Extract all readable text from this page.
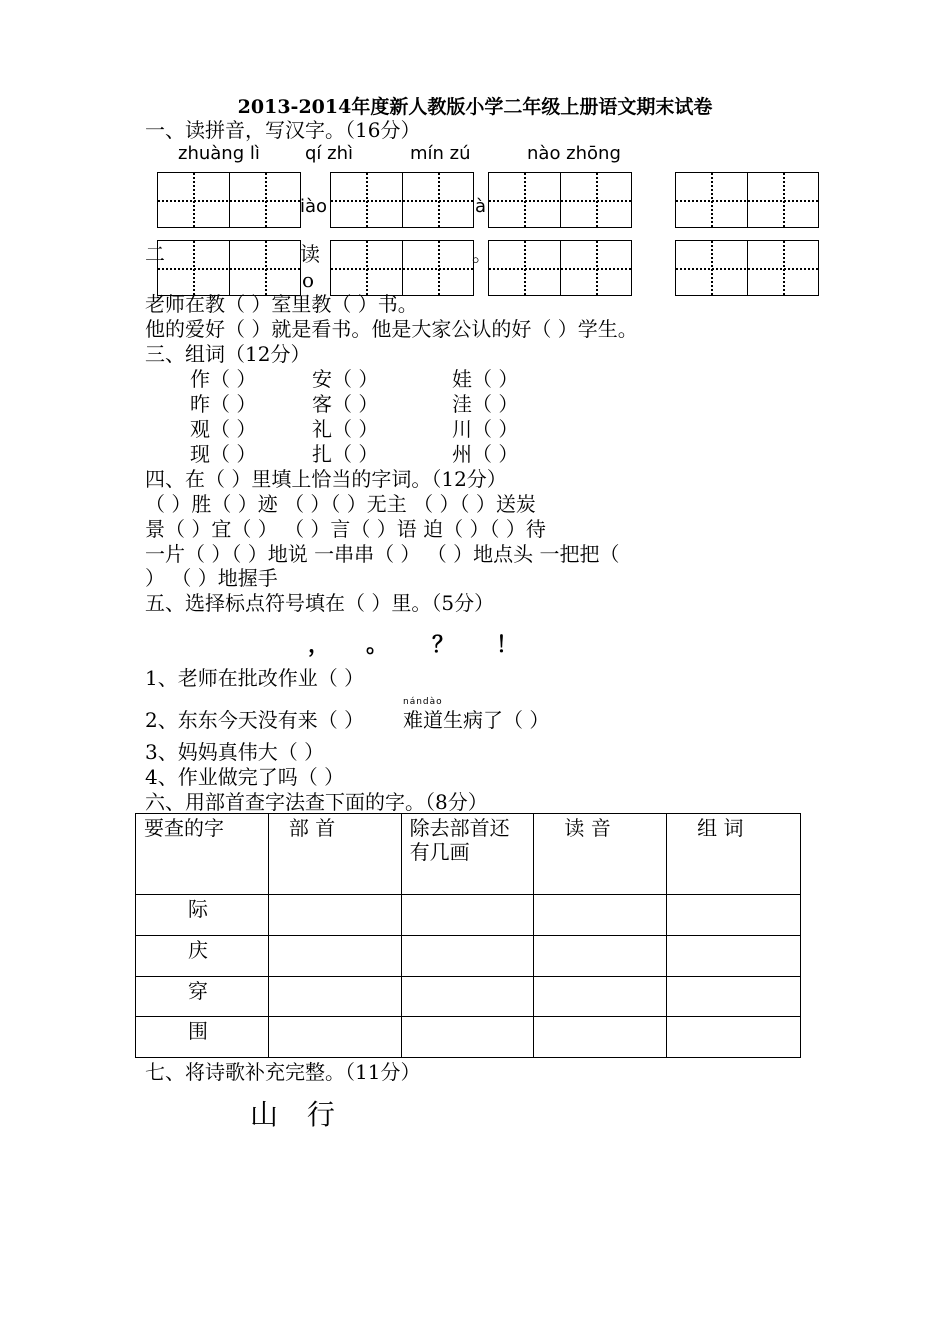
2013-2014年度新人教版小学二年级上册语文期末试卷
一、读拼音，写汉字。（16分）
zhuàng lì	qí zhì	mín zú	nào zhōng
iào	à
二	读	。
o
老师在教（ ）室里教（ ）书。
他的爱好（ ）就是看书。他是大家公认的好（ ）学生。
三、组词（12分）
作（ ）	安（ ）	娃（ ）
昨（ ）	客（ ）	洼（ ）
观（ ）	礼（ ）	川（ ）
现（ ）	扎（ ）	州（ ）
四、在（ ）里填上恰当的字词。（12分）
（ ）胜（ ）迹 （ ）（ ）无主 （ ）（ ）送炭
景（ ）宜（ ） （ ）言（ ）语 迫（ ）（ ）待
一片（ ）（ ）地说 一串串（ ） （ ）地点头 一把把（
） （ ）地握手
五、选择标点符号填在（ ）里。（5分）
， 。 ？ ！
1、老师在批改作业（ ）
nándào
2、东东今天没有来（ ） 难道生病了（ ）
3、妈妈真伟大（ ）
4、作业做完了吗（ ）
六、用部首查字法查下面的字。（8分）
要查的字	部 首	除去部首还有几画	读 音	组 词
际				
庆				
穿				
围				
七、将诗歌补充完整。（11分）
山 行
